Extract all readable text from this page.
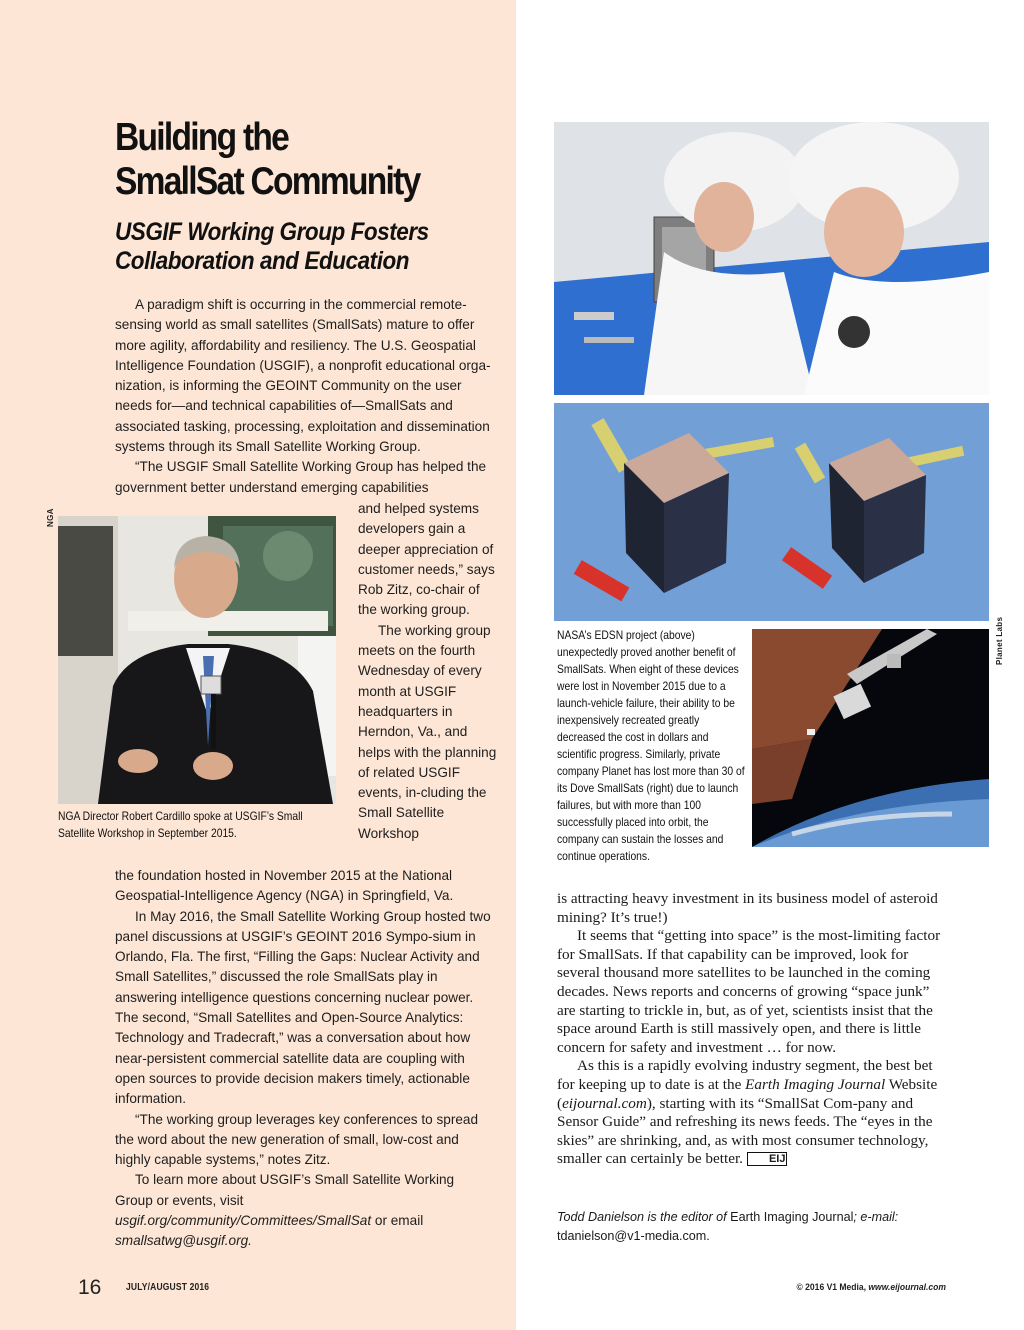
Building the
SmallSat Community
USGIF Working Group Fosters
Collaboration and Education

A paradigm shift is occurring in the commercial remote-sensing world as small satellites (SmallSats) mature to offer more agility, affordability and resiliency. The U.S. Geospatial Intelligence Foundation (USGIF), a nonprofit educational orga-nization, is informing the GEOINT Community on the user needs for—and technical capabilities of—SmallSats and associated tasking, processing, exploitation and dissemination systems through its Small Satellite Working Group.

“The USGIF Small Satellite Working Group has helped the government better understand emerging capabilities

NGA
NGA Director Robert Cardillo spoke at USGIF’s Small Satellite Workshop in September 2015.

and helped systems developers gain a deeper appreciation of customer needs,” says Rob Zitz, co-chair of the working group.

The working group meets on the fourth Wednesday of every month at USGIF headquarters in Herndon, Va., and helps with the planning of related USGIF events, in-cluding the Small Satellite Workshop

the foundation hosted in November 2015 at the National Geospatial-Intelligence Agency (NGA) in Springfield, Va.

In May 2016, the Small Satellite Working Group hosted two panel discussions at USGIF’s GEOINT 2016 Sympo-sium in Orlando, Fla. The first, “Filling the Gaps: Nuclear Activity and Small Satellites,” discussed the role SmallSats play in answering intelligence questions concerning nuclear power. The second, “Small Satellites and Open-Source Analytics: Technology and Tradecraft,” was a conversation about how near-persistent commercial satellite data are coupling with open sources to provide decision makers timely, actionable information.

“The working group leverages key conferences to spread the word about the new generation of small, low-cost and highly capable systems,” notes Zitz.

To learn more about USGIF’s Small Satellite Working Group or events, visit usgif.org/community/Committees/SmallSat or email smallsatwg@usgif.org.

NASA’s EDSN project (above) unexpectedly proved another benefit of SmallSats. When eight of these devices were lost in November 2015 due to a launch-vehicle failure, their ability to be inexpensively recreated greatly decreased the cost in dollars and scientific progress. Similarly, private company Planet has lost more than 30 of its Dove SmallSats (right) due to launch failures, but with more than 100 successfully placed into orbit, the company can sustain the losses and continue operations.
Planet Labs

is attracting heavy investment in its business model of asteroid mining? It’s true!)

It seems that “getting into space” is the most-limiting factor for SmallSats. If that capability can be improved, look for several thousand more satellites to be launched in the coming decades. News reports and concerns of growing “space junk” are starting to trickle in, but, as of yet, scientists insist that the space around Earth is still massively open, and there is little concern for safety and investment … for now.

As this is a rapidly evolving industry segment, the best bet for keeping up to date is at the Earth Imaging Journal Website (eijournal.com), starting with its “SmallSat Com-pany and Sensor Guide” and refreshing its news feeds. The “eyes in the skies” are shrinking, and, as with most consumer technology, smaller can certainly be better. EIJ

Todd Danielson is the editor of Earth Imaging Journal; e-mail:
tdanielson@v1-media.com.
16 JULY/AUGUST 2016	© 2016 V1 Media, www.eijournal.com
